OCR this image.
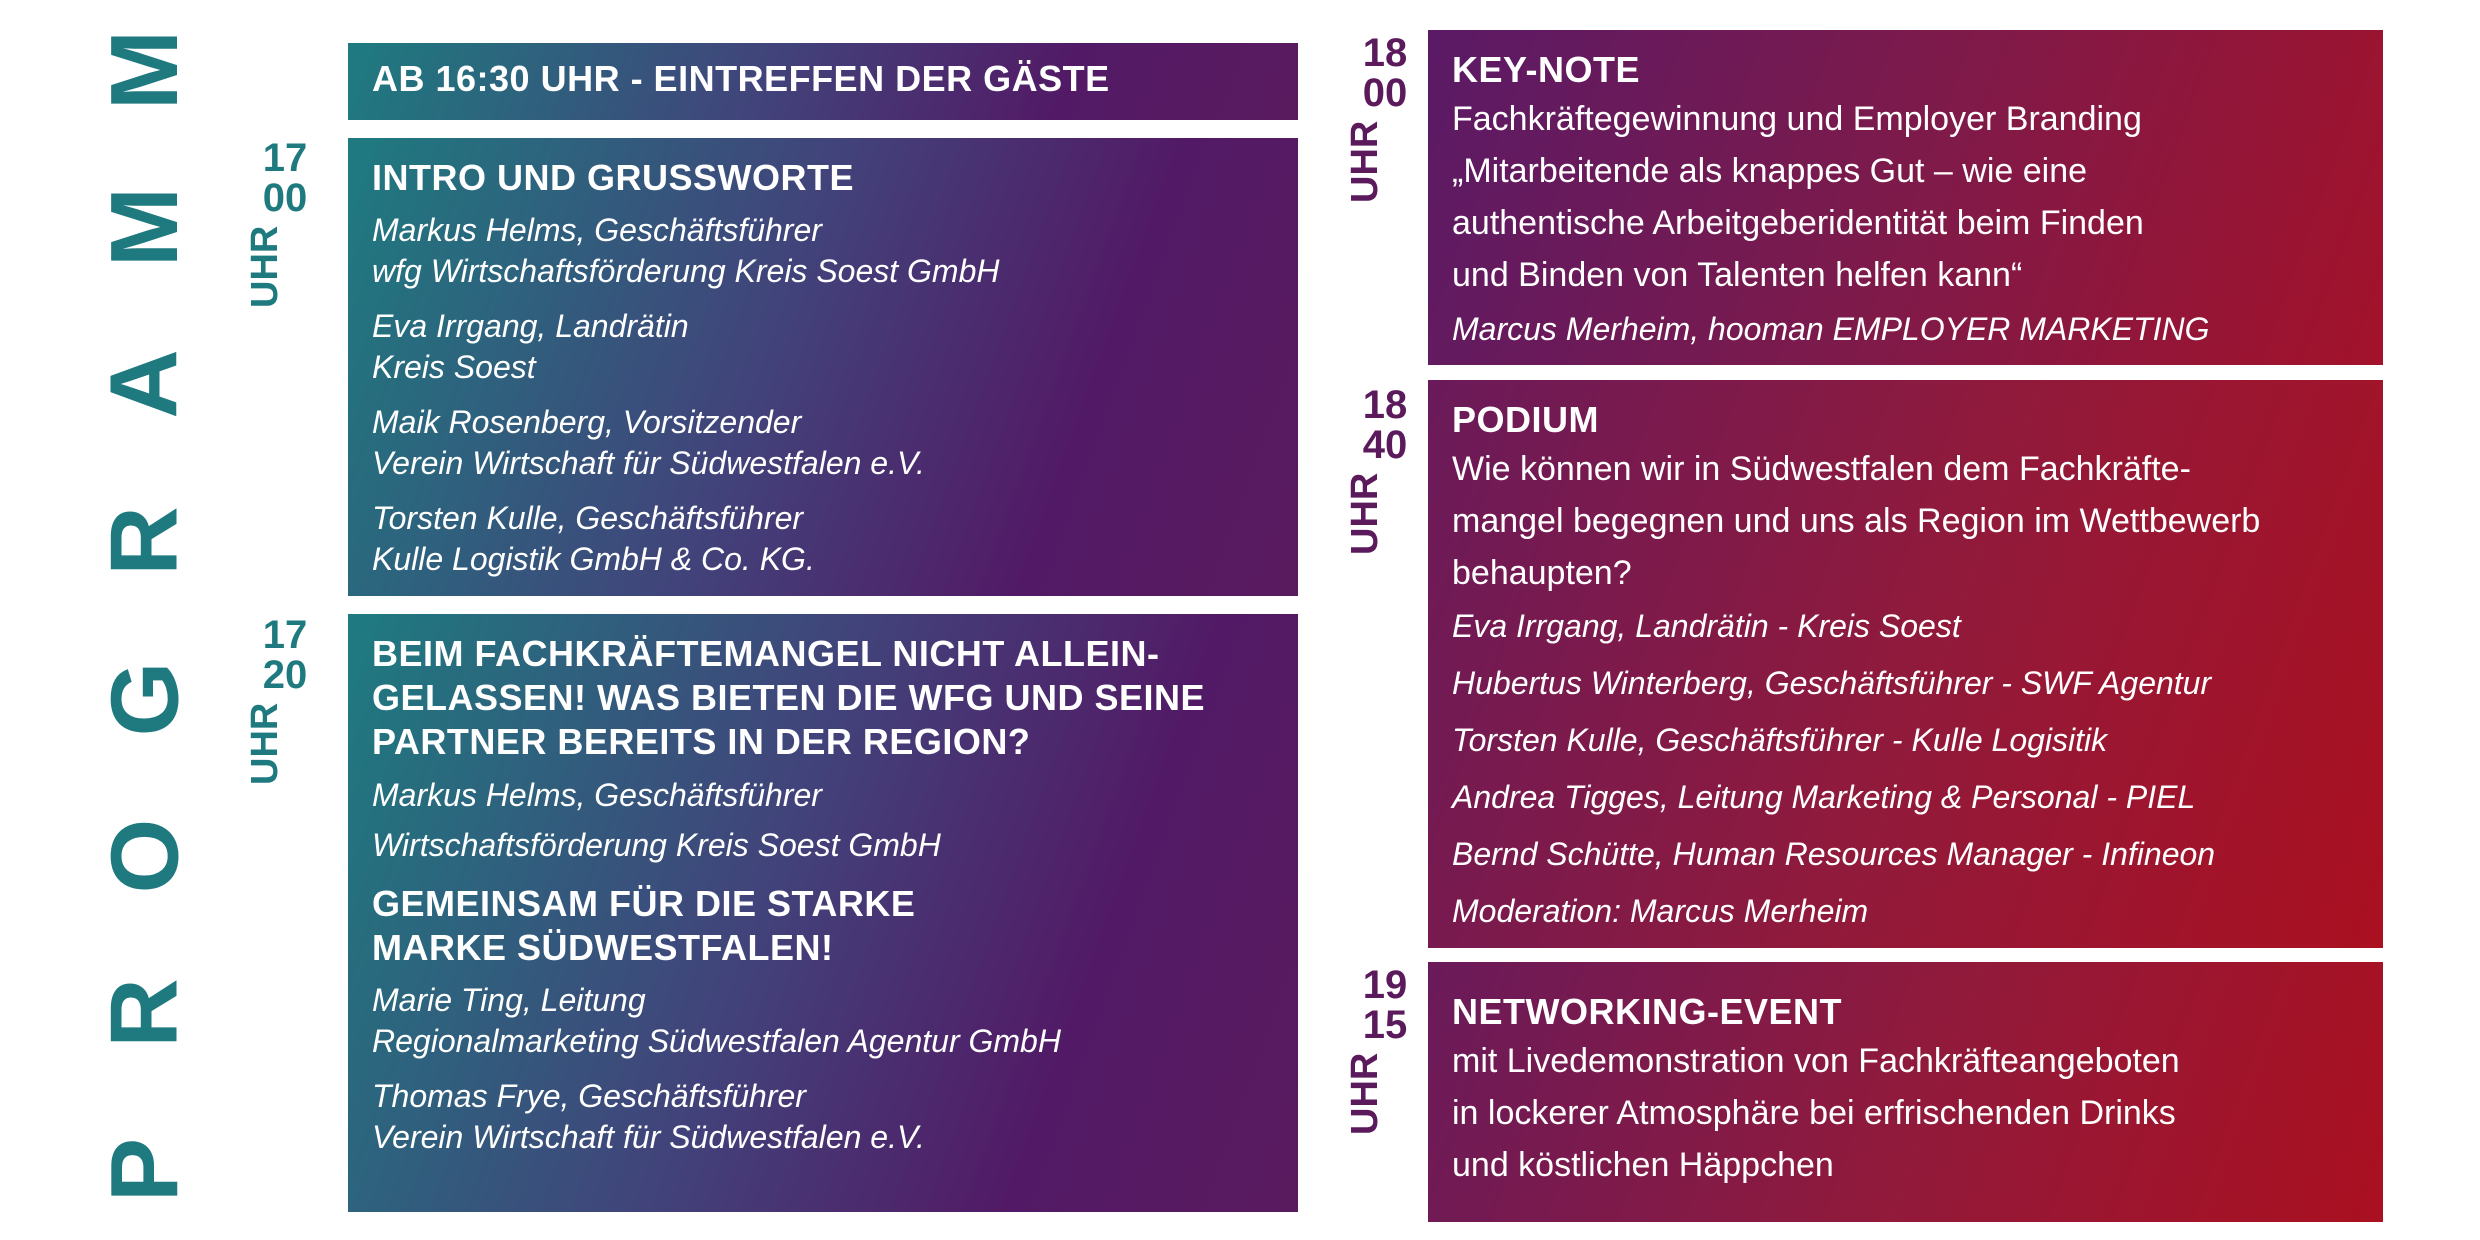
M
M
A
R
G
O
R
P
17
00
UHR
17
20
UHR
18
00
UHR
18
40
UHR
19
15
UHR
AB 16:30 UHR - EINTREFFEN DER GÄSTE
INTRO UND GRUSSWORTE
Markus Helms, Geschäftsführer
wfg Wirtschaftsförderung Kreis Soest GmbH
Eva Irrgang, Landrätin
Kreis Soest
Maik Rosenberg, Vorsitzender
Verein Wirtschaft für Südwestfalen e.V.
Torsten Kulle, Geschäftsführer
Kulle Logistik GmbH & Co. KG.
BEIM FACHKRÄFTEMANGEL NICHT ALLEIN-
GELASSEN! WAS BIETEN DIE WFG UND SEINE
PARTNER BEREITS IN DER REGION?
Markus Helms, Geschäftsführer
Wirtschaftsförderung Kreis Soest GmbH
GEMEINSAM FÜR DIE STARKE
MARKE SÜDWESTFALEN!
Marie Ting, Leitung
Regionalmarketing Südwestfalen Agentur GmbH
Thomas Frye, Geschäftsführer
Verein Wirtschaft für Südwestfalen e.V.
KEY-NOTE
Fachkräftegewinnung und Employer Branding
„Mitarbeitende als knappes Gut – wie eine
authentische Arbeitgeberidentität beim Finden
und Binden von Talenten helfen kann“
Marcus Merheim, hooman EMPLOYER MARKETING
PODIUM
Wie können wir in Südwestfalen dem Fachkräfte-
mangel begegnen und uns als Region im Wettbewerb
behaupten?
Eva Irrgang, Landrätin - Kreis Soest
Hubertus Winterberg, Geschäftsführer - SWF Agentur
Torsten Kulle, Geschäftsführer - Kulle Logisitik
Andrea Tigges, Leitung Marketing & Personal - PIEL
Bernd Schütte, Human Resources Manager - Infineon
Moderation: Marcus Merheim
NETWORKING-EVENT
mit Livedemonstration von Fachkräfteangeboten
in lockerer Atmosphäre bei erfrischenden Drinks
und köstlichen Häppchen
